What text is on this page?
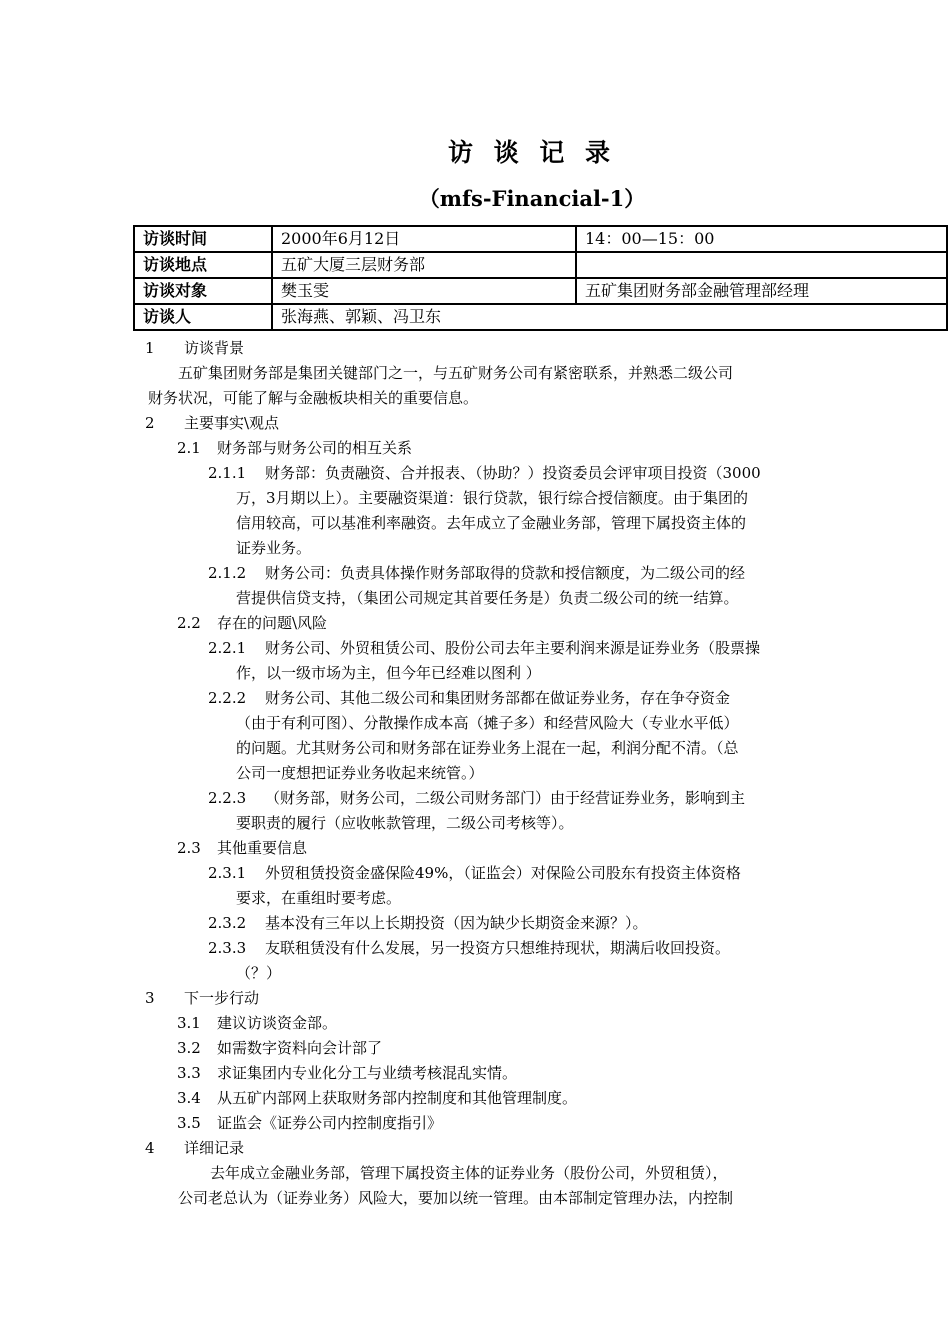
访 谈 记 录
（mfs-Financial-1）
访谈时间	2000年6月12日	14：00—15：00
访谈地点	五矿大厦三层财务部	
访谈对象	樊玉雯	五矿集团财务部金融管理部经理
访谈人	张海燕、郭颖、冯卫东	
1 访谈背景
五矿集团财务部是集团关键部门之一，与五矿财务公司有紧密联系，并熟悉二级公司
财务状况，可能了解与金融板块相关的重要信息。
2 主要事实\观点
2.1 财务部与财务公司的相互关系
2.1.1 财务部：负责融资、合并报表、（协助？）投资委员会评审项目投资（3000
万，3月期以上）。主要融资渠道：银行贷款，银行综合授信额度。由于集团的
信用较高，可以基准利率融资。去年成立了金融业务部，管理下属投资主体的
证券业务。
2.1.2 财务公司：负责具体操作财务部取得的贷款和授信额度，为二级公司的经
营提供信贷支持，（集团公司规定其首要任务是）负责二级公司的统一结算。
2.2 存在的问题\风险
2.2.1 财务公司、外贸租赁公司、股份公司去年主要利润来源是证券业务（股票操
作，以一级市场为主，但今年已经难以图利 ）
2.2.2 财务公司、其他二级公司和集团财务部都在做证券业务，存在争夺资金
（由于有利可图）、分散操作成本高（摊子多）和经营风险大（专业水平低）
的问题。尤其财务公司和财务部在证券业务上混在一起，利润分配不清。（总
公司一度想把证券业务收起来统管。）
2.2.3 （财务部，财务公司，二级公司财务部门）由于经营证券业务，影响到主
要职责的履行（应收帐款管理，二级公司考核等）。
2.3 其他重要信息
2.3.1 外贸租赁投资金盛保险49%，（证监会）对保险公司股东有投资主体资格
要求，在重组时要考虑。
2.3.2 基本没有三年以上长期投资（因为缺少长期资金来源？）。
2.3.3 友联租赁没有什么发展，另一投资方只想维持现状，期满后收回投资。
（？）
3 下一步行动
3.1 建议访谈资金部。
3.2 如需数字资料向会计部了
3.3 求证集团内专业化分工与业绩考核混乱实情。
3.4 从五矿内部网上获取财务部内控制度和其他管理制度。
3.5 证监会《证券公司内控制度指引》
4 详细记录
去年成立金融业务部，管理下属投资主体的证券业务（股份公司，外贸租赁），
公司老总认为（证券业务）风险大，要加以统一管理。由本部制定管理办法，内控制
